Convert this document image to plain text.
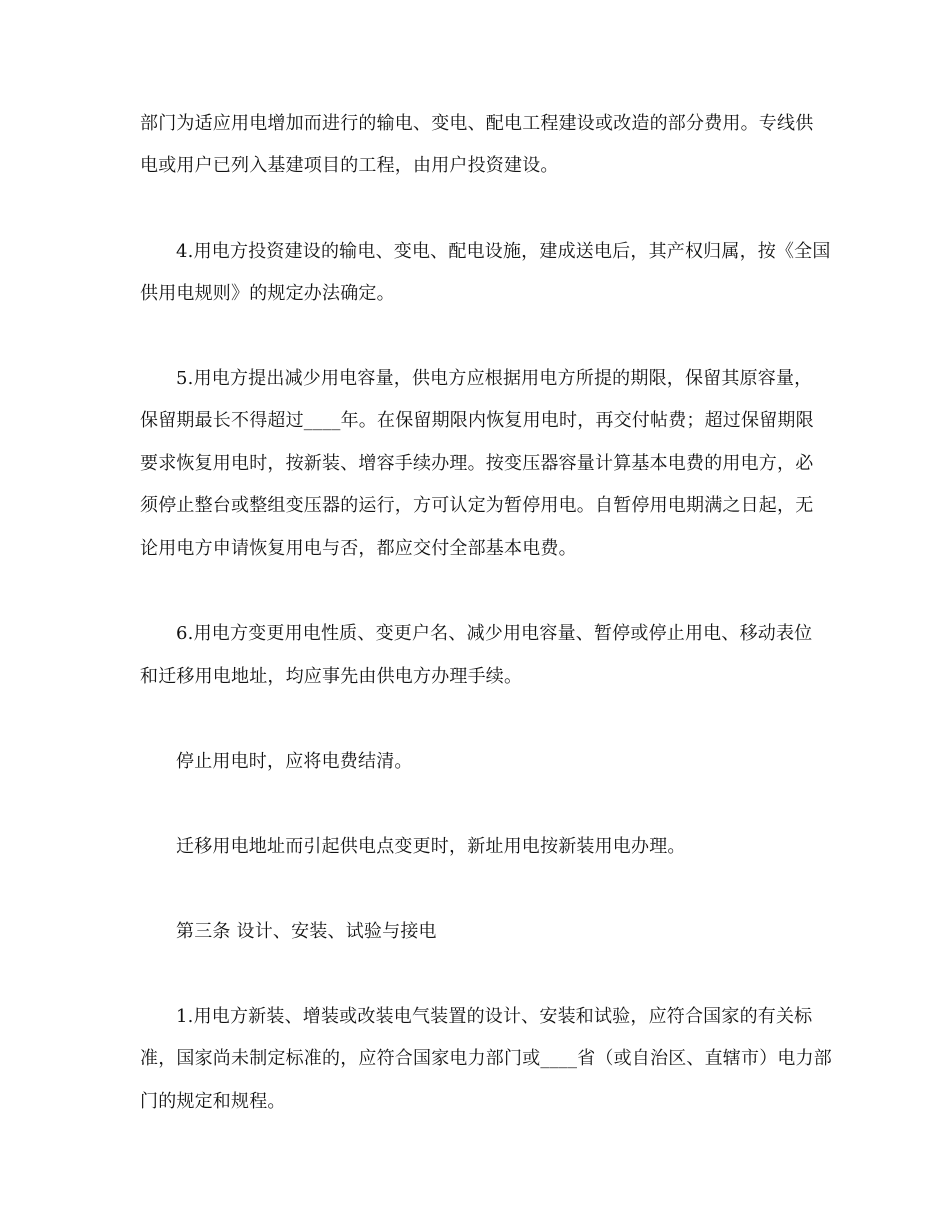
部门为适应用电增加而进行的输电、变电、配电工程建设或改造的部分费用。专线供
电或用户已列入基建项目的工程，由用户投资建设。
4.用电方投资建设的输电、变电、配电设施，建成送电后，其产权归属，按《全国
供用电规则》的规定办法确定。
5.用电方提出减少用电容量，供电方应根据用电方所提的期限，保留其原容量，
保留期最长不得超过____年。在保留期限内恢复用电时，再交付帖费；超过保留期限
要求恢复用电时，按新装、增容手续办理。按变压器容量计算基本电费的用电方，必
须停止整台或整组变压器的运行，方可认定为暂停用电。自暂停用电期满之日起，无
论用电方申请恢复用电与否，都应交付全部基本电费。
6.用电方变更用电性质、变更户名、减少用电容量、暂停或停止用电、移动表位
和迁移用电地址，均应事先由供电方办理手续。
停止用电时，应将电费结清。
迁移用电地址而引起供电点变更时，新址用电按新装用电办理。
第三条 设计、安装、试验与接电
1.用电方新装、增装或改装电气装置的设计、安装和试验，应符合国家的有关标
准，国家尚未制定标准的，应符合国家电力部门或____省（或自治区、直辖市）电力部
门的规定和规程。
